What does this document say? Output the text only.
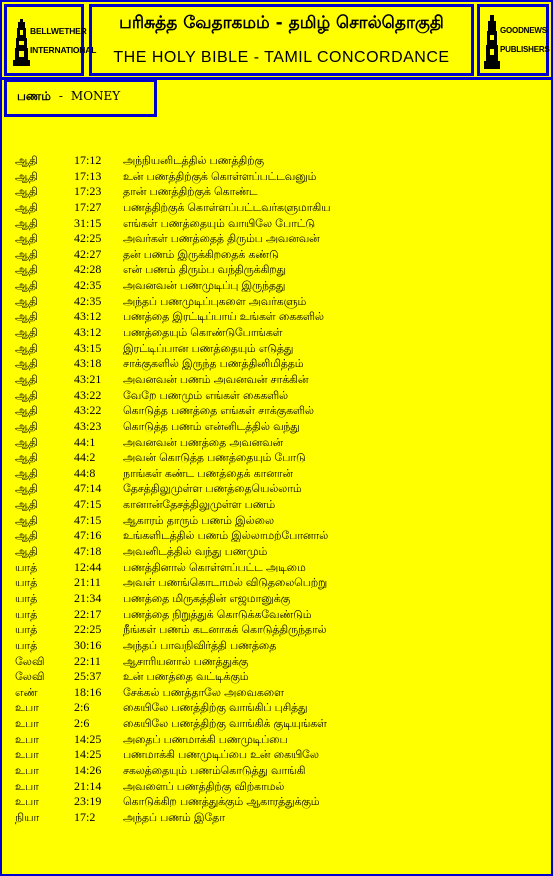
BELLWETHER
INTERNATIONAL
பரிசுத்த வேதாகமம் - தமிழ் சொல்தொகுதி
THE HOLY BIBLE - TAMIL CONCORDANCE
GOODNEWS
PUBLISHERS
பணம் - MONEY
ஆதி	17:12 அந்நியனிடத்தில் பணத்திற்கு
ஆதி	17:13 உன் பணத்திற்குக் கொள்ளப்பட்டவனும்
ஆதி	17:23 தான் பணத்திற்குக் கொண்ட
ஆதி	17:27 பணத்திற்குக் கொள்ளப்பட்டவர்களுமாகிய
ஆதி	31:15 எங்கள் பணத்தையும் வாயிலே போட்டு
ஆதி	42:25 அவர்கள் பணத்தைத் திரும்ப அவனவன்
ஆதி	42:27 தன் பணம் இருக்கிறதைக் கண்டு
ஆதி	42:28 என் பணம் திரும்ப வந்திருக்கிறது
ஆதி	42:35 அவனவன் பணமுடிப்பு இருந்தது
ஆதி	42:35 அந்தப் பணமுடிப்புகளை அவர்களும்
ஆதி	43:12 பணத்தை இரட்டிப்பாய் உங்கள் கைகளில்
ஆதி	43:12 பணத்தையும் கொண்டுபோங்கள்
ஆதி	43:15 இரட்டிப்பான பணத்தையும் எடுத்து
ஆதி	43:18 சாக்குகளில் இருந்த பணத்தினிமித்தம்
ஆதி	43:21 அவனவன் பணம் அவனவன் சாக்கின்
ஆதி	43:22 வேறே பணமும் எங்கள் கைகளில்
ஆதி	43:22 கொடுத்த பணத்தை எங்கள் சாக்குகளில்
ஆதி	43:23 கொடுத்த பணம் என்னிடத்தில் வந்து
ஆதி	44:1	அவனவன் பணத்தை அவனவன்
ஆதி	44:2	அவன் கொடுத்த பணத்தையும் போடு
ஆதி	44:8	நாங்கள் கண்ட பணத்தைக் கானான்
ஆதி	47:14 தேசத்திலுமுள்ள பணத்தையெல்லாம்
ஆதி	47:15 கானான்தேசத்திலுமுள்ள பணம்
ஆதி	47:15 ஆகாரம் தாரும் பணம் இல்லை
ஆதி	47:16 உங்களிடத்தில் பணம் இல்லாமற்போனால்
ஆதி	47:18 அவனிடத்தில் வந்து பணமும்
யாத்	12:44 பணத்தினால் கொள்ளப்பட்ட அடிமை
யாத்	21:11 அவள் பணங்கொடாமல் விடுதலைபெற்று
யாத்	21:34 பணத்தை மிருகத்தின் எஜமானுக்கு
யாத்	22:17 பணத்தை நிறுத்துக் கொடுக்கவேண்டும்
யாத்	22:25 நீங்கள் பணம் கடனாகக் கொடுத்திருந்தால்
யாத்	30:16 அந்தப் பாவநிவிர்த்தி பணத்தை
லேவி 22:11 ஆசாரியனால் பணத்துக்கு
லேவி 25:37 உன் பணத்தை வட்டிக்கும்
எண்	18:16 சேக்கல் பணத்தாலே அவைகளை
உபா	2:6	கையிலே பணத்திற்கு வாங்கிப் புசித்து
உபா	2:6	கையிலே பணத்திற்கு வாங்கிக் குடியுங்கள்
உபா	14:25 அதைப் பணமாக்கி பணமுடிப்பை
உபா	14:25 பணமாக்கி பணமுடிப்பை உன் கையிலே
உபா	14:26 சகலத்தையும் பணம்கொடுத்து வாங்கி
உபா	21:14 அவளைப் பணத்திற்கு விற்காமல்
உபா	23:19 கொடுக்கிற பணத்துக்கும் ஆகாரத்துக்கும்
நியா	17:2	அந்தப் பணம் இதோ
